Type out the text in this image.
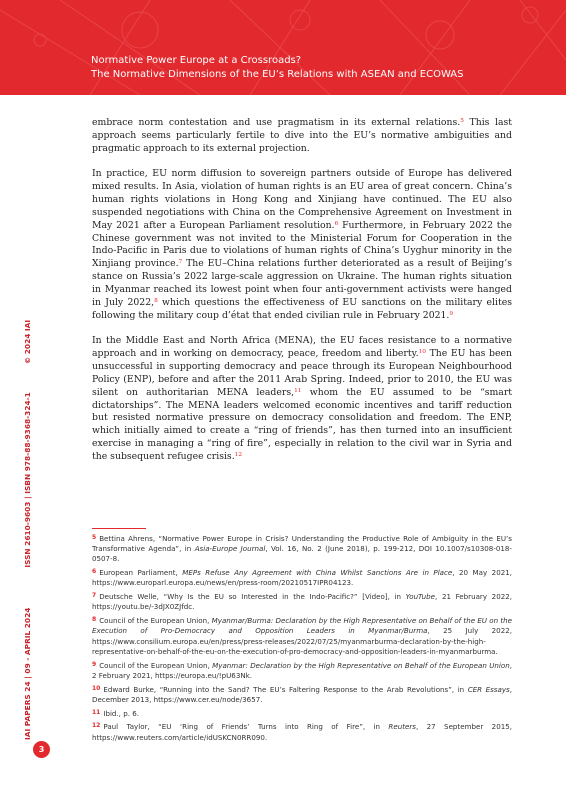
Normative Power Europe at a Crossroads?
The Normative Dimensions of the EU’s Relations with ASEAN and ECOWAS
IAI PAPERS 24 | 09 - APRIL 2024ISSN 2610-9603 | ISBN 978-88-9368-324-1© 2024 IAI

embrace norm contestation and use pragmatism in its external relations.$^5$ This last approach seems particularly fertile to dive into the EU’s normative ambiguities and pragmatic approach to its external projection.

In practice, EU norm diffusion to sovereign partners outside of Europe has delivered mixed results. In Asia, violation of human rights is an EU area of great concern. China’s human rights violations in Hong Kong and Xinjiang have continued. The EU also suspended negotiations with China on the Comprehensive Agreement on Investment in May 2021 after a European Parliament resolution.$^6$ Furthermore, in February 2022 the Chinese government was not invited to the Ministerial Forum for Cooperation in the Indo-Pacific in Paris due to violations of human rights of China’s Uyghur minority in the Xinjiang province.$^7$ The EU–China relations further deteriorated as a result of Beijing’s stance on Russia’s 2022 large-scale aggression on Ukraine. The human rights situation in Myanmar reached its lowest point when four anti-government activists were hanged in July 2022,$^8$ which questions the effectiveness of EU sanctions on the military elites following the military coup d’état that ended civilian rule in February 2021.$^9$

In the Middle East and North Africa (MENA), the EU faces resistance to a normative approach and in working on democracy, peace, freedom and liberty.$^{10}$ The EU has been unsuccessful in supporting democracy and peace through its European Neighbourhood Policy (ENP), before and after the 2011 Arab Spring. Indeed, prior to 2010, the EU was silent on authoritarian MENA leaders,$^{11}$ whom the EU assumed to be “smart dictatorships”. The MENA leaders welcomed economic incentives and tariff reduction but resisted normative pressure on democracy consolidation and freedom. The ENP, which initially aimed to create a “ring of friends”, has then turned into an insufficient exercise in managing a “ring of fire”, especially in relation to the civil war in Syria and the subsequent refugee crisis.$^{12}$

$^5$ Bettina Ahrens, “Normative Power Europe in Crisis? Understanding the Productive Role of Ambiguity in the EU’s Transformative Agenda”, in Asia-Europe Journal, Vol. 16, No. 2 (June 2018), p. 199-212, DOI 10.1007/s10308-018-0507-8.
$^6$ European Parliament, MEPs Refuse Any Agreement with China Whilst Sanctions Are in Place, 20 May 2021, https://www.europarl.europa.eu/news/en/press-room/20210517IPR04123.
$^7$ Deutsche Welle, “Why Is the EU so Interested in the Indo-Pacific?” [Video], in YouTube, 21 February 2022, https://youtu.be/-3dJX0ZJfdc.
$^8$ Council of the European Union, Myanmar/Burma: Declaration by the High Representative on Behalf of the EU on the Execution of Pro-Democracy and Opposition Leaders in Myanmar/Burma, 25 July 2022, https://www.consilium.europa.eu/en/press/press-releases/2022/07/25/myanmarburma-declaration-by-the-high-representative-on-behalf-of-the-eu-on-the-execution-of-pro-democracy-and-opposition-leaders-in-myanmarburma.
$^9$ Council of the European Union, Myanmar: Declaration by the High Representative on Behalf of the European Union, 2 February 2021, https://europa.eu/!pU63Nk.
$^{10}$ Edward Burke, “Running into the Sand? The EU’s Faltering Response to the Arab Revolutions”, in CER Essays, December 2013, https://www.cer.eu/node/3657.
$^{11}$ Ibid., p. 6.
$^{12}$ Paul Taylor, “EU ‘Ring of Friends’ Turns into Ring of Fire”, in Reuters, 27 September 2015, https://www.reuters.com/article/idUSKCN0RR090.
3
